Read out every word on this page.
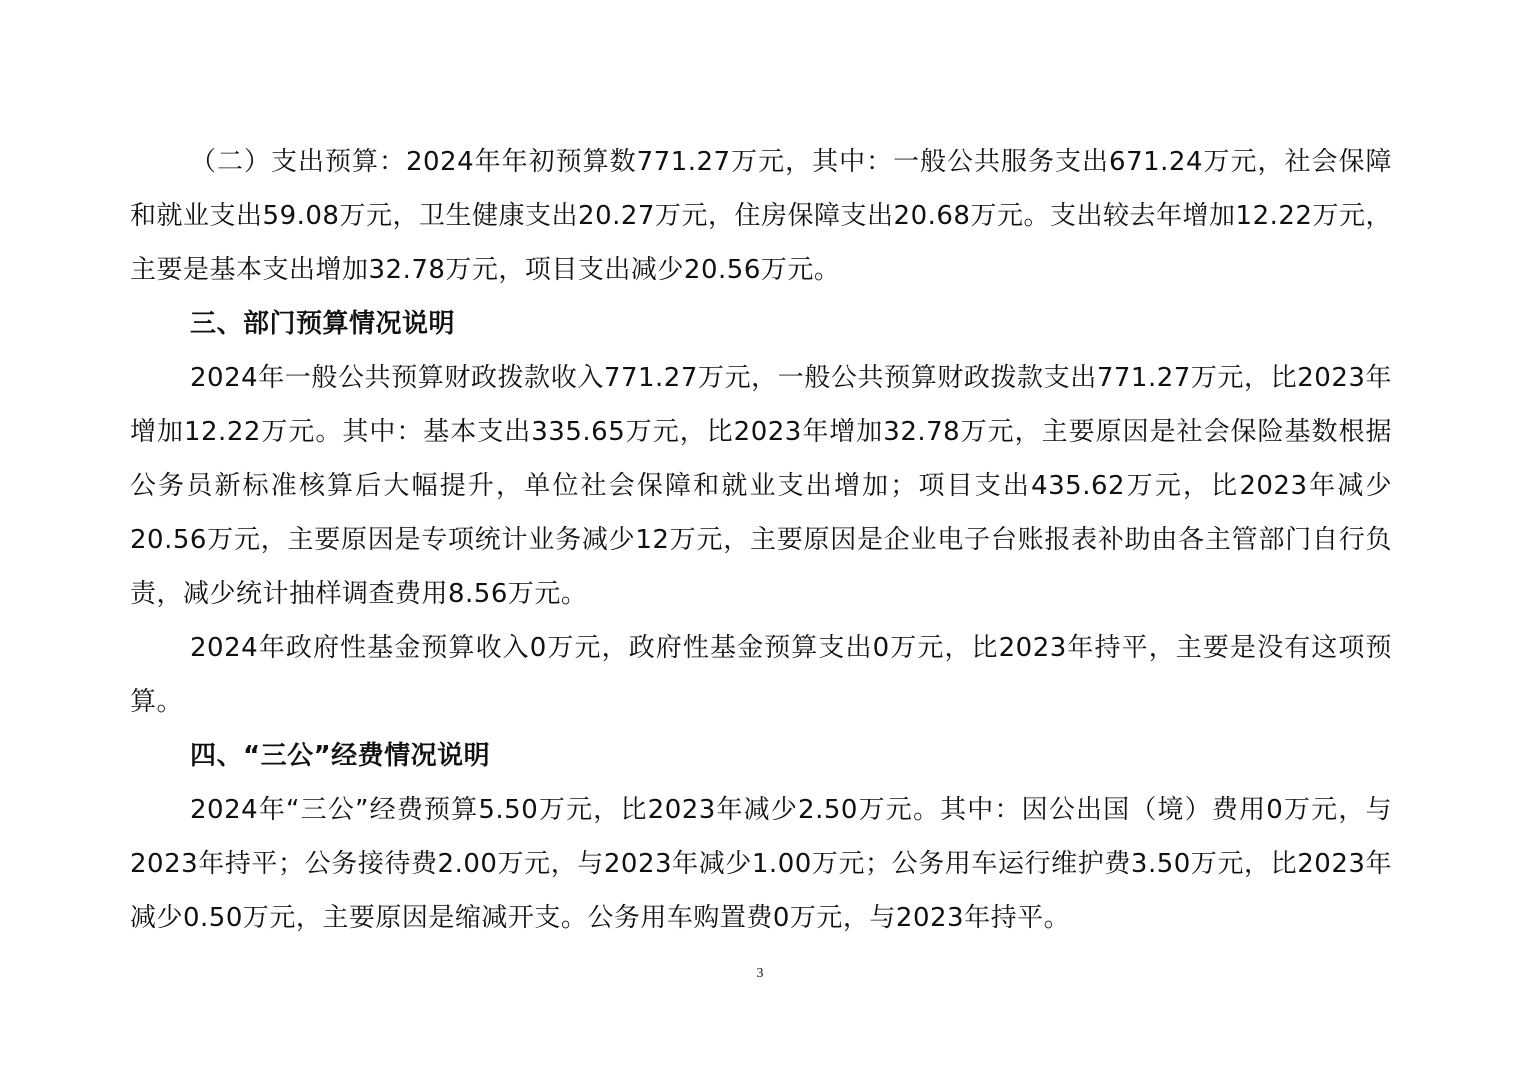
（二）支出预算：2024年年初预算数771.27万元，其中：一般公共服务支出671.24万元，社会保障和就业支出59.08万元，卫生健康支出20.27万元，住房保障支出20.68万元。支出较去年增加12.22万元，主要是基本支出增加32.78万元，项目支出减少20.56万元。

三、部门预算情况说明

2024年一般公共预算财政拨款收入771.27万元，一般公共预算财政拨款支出771.27万元，比2023年增加12.22万元。其中：基本支出335.65万元，比2023年增加32.78万元，主要原因是社会保险基数根据公务员新标准核算后大幅提升，单位社会保障和就业支出增加；项目支出435.62万元，比2023年减少20.56万元，主要原因是专项统计业务减少12万元，主要原因是企业电子台账报表补助由各主管部门自行负责，减少统计抽样调查费用8.56万元。

2024年政府性基金预算收入0万元，政府性基金预算支出0万元，比2023年持平，主要是没有这项预算。

四、“三公”经费情况说明

2024年“三公”经费预算5.50万元，比2023年减少2.50万元。其中：因公出国（境）费用0万元，与2023年持平；公务接待费2.00万元，与2023年减少1.00万元；公务用车运行维护费3.50万元，比2023年减少0.50万元，主要原因是缩减开支。公务用车购置费0万元，与2023年持平。

3
